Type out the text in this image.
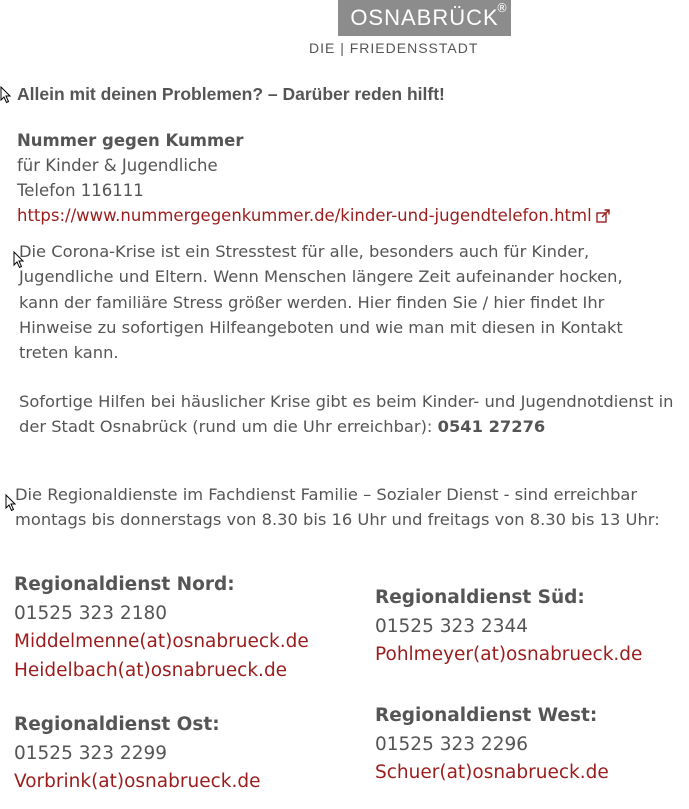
OSNABRÜCK
®
DIE | FRIEDENSSTADT
Allein mit deinen Problemen? – Darüber reden hilft!
Nummer gegen Kummer
für Kinder & Jugendliche
Telefon 116111
https://www.nummergegenkummer.de/kinder-und-jugendtelefon.html
Die Corona-Krise ist ein Stresstest für alle, besonders auch für Kinder, Jugendliche und Eltern. Wenn Menschen längere Zeit aufeinander hocken, kann der familiäre Stress größer werden. Hier finden Sie / hier findet Ihr Hinweise zu sofortigen Hilfeangeboten und wie man mit diesen in Kontakt treten kann.
Sofortige Hilfen bei häuslicher Krise gibt es beim Kinder- und Jugendnotdienst in der Stadt Osnabrück (rund um die Uhr erreichbar): 0541 27276
Die Regionaldienste im Fachdienst Familie – Sozialer Dienst - sind erreichbar montags bis donnerstags von 8.30 bis 16 Uhr und freitags von 8.30 bis 13 Uhr:
Regionaldienst Nord:
01525 323 2180
Middelmenne(at)osnabrueck.de
Heidelbach(at)osnabrueck.de
Regionaldienst Süd:
01525 323 2344
Pohlmeyer(at)osnabrueck.de
Regionaldienst Ost:
01525 323 2299
Vorbrink(at)osnabrueck.de
Regionaldienst West:
01525 323 2296
Schuer(at)osnabrueck.de
